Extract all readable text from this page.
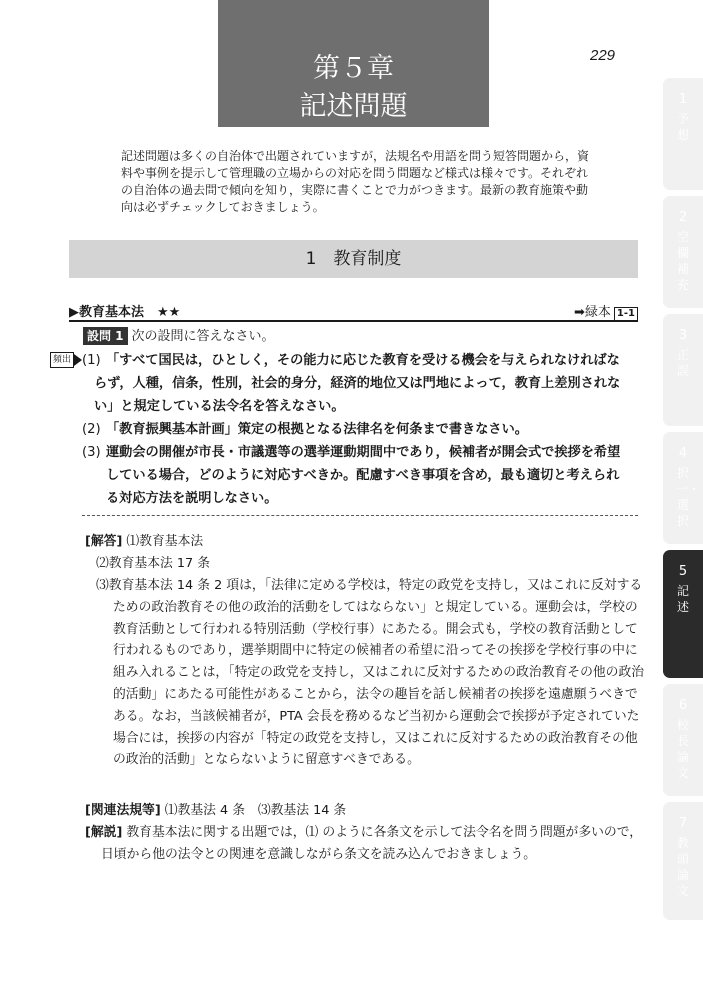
第５章
記述問題
229

記述問題は多くの自治体で出題されていますが，法規名や用語を問う短答問題から，資料や事例を提示して管理職の立場からの対応を問う問題など様式は様々です。それぞれの自治体の過去問で傾向を知り，実際に書くことで力がつきます。最新の教育施策や動向は必ずチェックしておきましょう。

1　教育制度
▶教育基本法　★★	➡緑本 1-1
設問 1 次の設問に答えなさい。
頻出 (1) 「すべて国民は，ひとしく，その能力に応じた教育を受ける機会を与えられなければならず，人種，信条，性別，社会的身分，経済的地位又は門地によって，教育上差別されない」と規定している法令名を答えなさい。
(2) 「教育振興基本計画」策定の根拠となる法律名を何条まで書きなさい。
(3) 運動会の開催が市長・市議選等の選挙運動期間中であり，候補者が開会式で挨拶を希望している場合，どのように対応すべきか。配慮すべき事項を含め，最も適切と考えられる対応方法を説明しなさい。
[解答] ⑴教育基本法
⑵教育基本法 17 条

⑶教育基本法 14 条 2 項は，「法律に定める学校は，特定の政党を支持し，又はこれに反対するための政治教育その他の政治的活動をしてはならない」と規定している。運動会は，学校の教育活動として行われる特別活動（学校行事）にあたる。開会式も，学校の教育活動として行われるものであり，選挙期間中に特定の候補者の希望に沿ってその挨拶を学校行事の中に組み入れることは，「特定の政党を支持し，又はこれに反対するための政治教育その他の政治的活動」にあたる可能性があることから，法令の趣旨を話し候補者の挨拶を遠慮願うべきである。なお，当該候補者が，PTA 会長を務めるなど当初から運動会で挨拶が予定されていた場合には，挨拶の内容が「特定の政党を支持し，又はこれに反対するための政治教育その他の政治的活動」とならないように留意すべきである。

[関連法規等] ⑴教基法 4 条　⑶教基法 14 条

[解説] 教育基本法に関する出題では，⑴ のように各条文を示して法令名を問う問題が多いので，日頃から他の法令との関連を意識しながら条文を読み込んでおきましょう。

1
予想
2
空欄補充
3
正誤
4
択一・選択
5
記述
6
校長論文
7
教頭論文
